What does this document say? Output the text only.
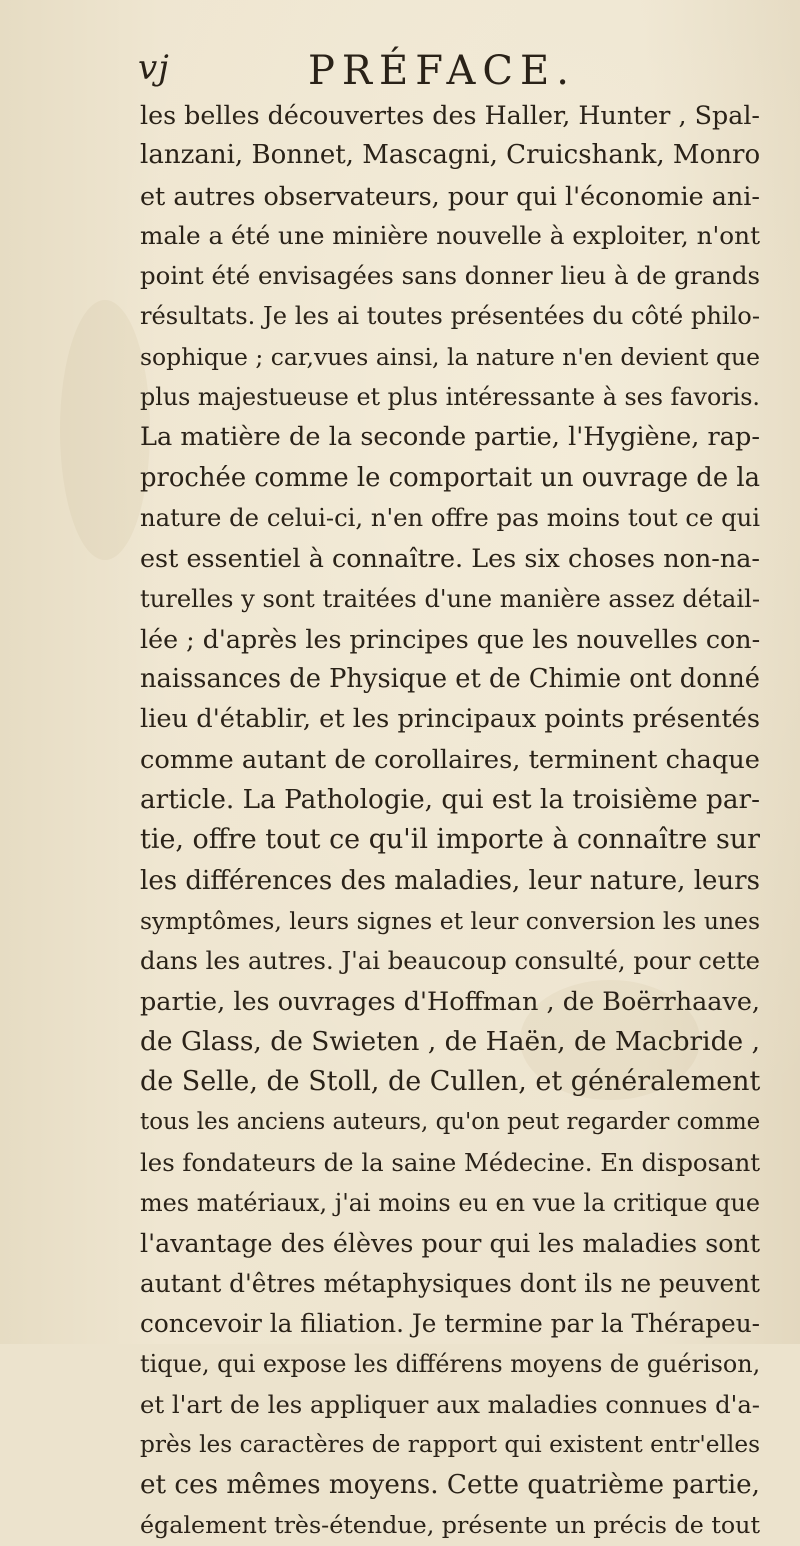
vj	PRÉFACE.
les belles découvertes des Haller, Hunter , Spal-
lanzani, Bonnet, Mascagni, Cruicshank, Monro
et autres observateurs, pour qui l'économie ani-
male a été une minière nouvelle à exploiter, n'ont
point été envisagées sans donner lieu à de grands
résultats. Je les ai toutes présentées du côté philo-
sophique ; car,vues ainsi, la nature n'en devient que
plus majestueuse et plus intéressante à ses favoris.
La matière de la seconde partie, l'Hygiène, rap-
prochée comme le comportait un ouvrage de la
nature de celui-ci, n'en offre pas moins tout ce qui
est essentiel à connaître. Les six choses non-na-
turelles y sont traitées d'une manière assez détail-
lée ; d'après les principes que les nouvelles con-
naissances de Physique et de Chimie ont donné
lieu d'établir, et les principaux points présentés
comme autant de corollaires, terminent chaque
article. La Pathologie, qui est la troisième par-
tie, offre tout ce qu'il importe à connaître sur
les différences des maladies, leur nature, leurs
symptômes, leurs signes et leur conversion les unes
dans les autres. J'ai beaucoup consulté, pour cette
partie, les ouvrages d'Hoffman , de Boërrhaave,
de Glass, de Swieten , de Haën, de Macbride ,
de Selle, de Stoll, de Cullen, et généralement
tous les anciens auteurs, qu'on peut regarder comme
les fondateurs de la saine Médecine. En disposant
mes matériaux, j'ai moins eu en vue la critique que
l'avantage des élèves pour qui les maladies sont
autant d'êtres métaphysiques dont ils ne peuvent
concevoir la filiation. Je termine par la Thérapeu-
tique, qui expose les différens moyens de guérison,
et l'art de les appliquer aux maladies connues d'a-
près les caractères de rapport qui existent entr'elles
et ces mêmes moyens. Cette quatrième partie,
également très-étendue, présente un précis de tout
